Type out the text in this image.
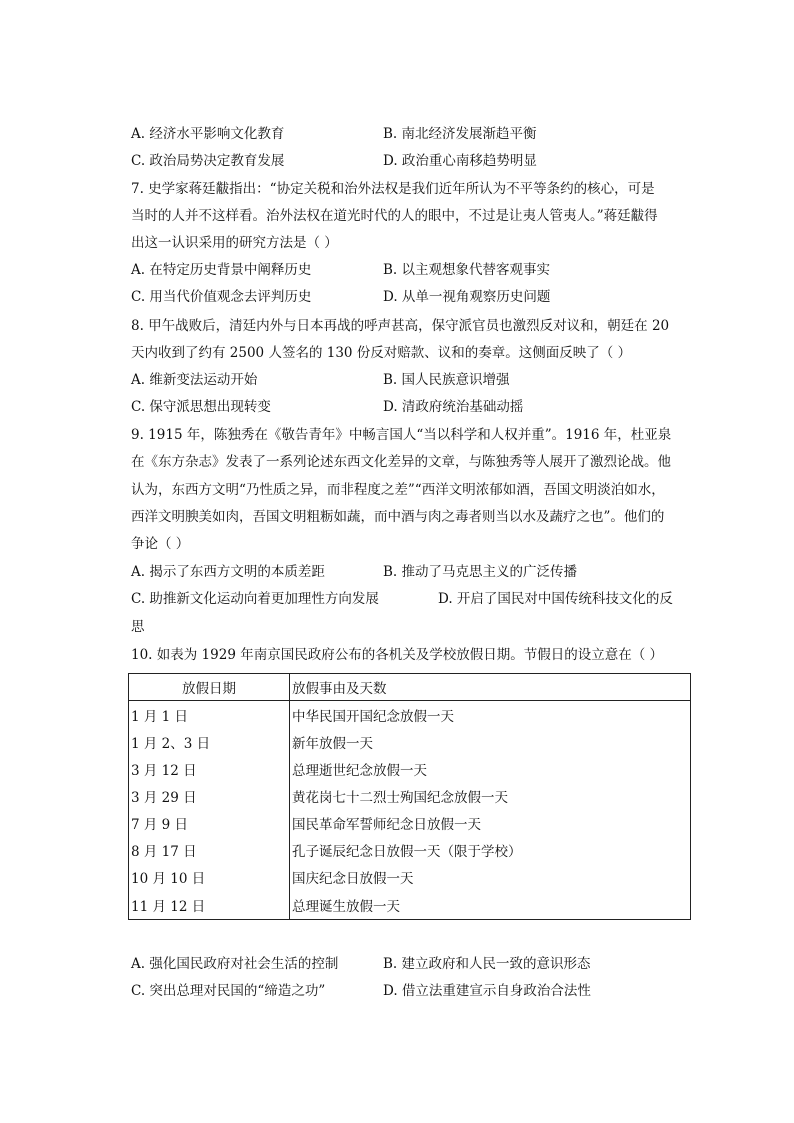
A. 经济水平影响文化教育	B. 南北经济发展渐趋平衡
C. 政治局势决定教育发展	D. 政治重心南移趋势明显
7. 史学家蒋廷黻指出：“协定关税和治外法权是我们近年所认为不平等条约的核心，可是
当时的人并不这样看。治外法权在道光时代的人的眼中，不过是让夷人管夷人。”蒋廷黻得
出这一认识采用的研究方法是（ ）
A. 在特定历史背景中阐释历史	B. 以主观想象代替客观事实
C. 用当代价值观念去评判历史	D. 从单一视角观察历史问题
8. 甲午战败后，清廷内外与日本再战的呼声甚高，保守派官员也激烈反对议和，朝廷在 20
天内收到了约有 2500 人签名的 130 份反对赔款、议和的奏章。这侧面反映了（ ）
A. 维新变法运动开始	B. 国人民族意识增强
C. 保守派思想出现转变	D. 清政府统治基础动摇
9. 1915 年，陈独秀在《敬告青年》中畅言国人“当以科学和人权并重”。1916 年，杜亚泉
在《东方杂志》发表了一系列论述东西文化差异的文章，与陈独秀等人展开了激烈论战。他
认为，东西方文明“乃性质之异，而非程度之差”“西洋文明浓郁如酒，吾国文明淡泊如水，
西洋文明腴美如肉，吾国文明粗粝如蔬，而中酒与肉之毒者则当以水及蔬疗之也”。他们的
争论（ ）
A. 揭示了东西方文明的本质差距	B. 推动了马克思主义的广泛传播
C. 助推新文化运动向着更加理性方向发展	D. 开启了国民对中国传统科技文化的反
思
10. 如表为 1929 年南京国民政府公布的各机关及学校放假日期。节假日的设立意在（ ）
放假日期	放假事由及天数
1 月 1 日	中华民国开国纪念放假一天
1 月 2、3 日	新年放假一天
3 月 12 日	总理逝世纪念放假一天
3 月 29 日	黄花岗七十二烈士殉国纪念放假一天
7 月 9 日	国民革命军誓师纪念日放假一天
8 月 17 日	孔子诞辰纪念日放假一天（限于学校）
10 月 10 日	国庆纪念日放假一天
11 月 12 日	总理诞生放假一天
A. 强化国民政府对社会生活的控制	B. 建立政府和人民一致的意识形态
C. 突出总理对民国的“缔造之功”	D. 借立法重建宣示自身政治合法性
